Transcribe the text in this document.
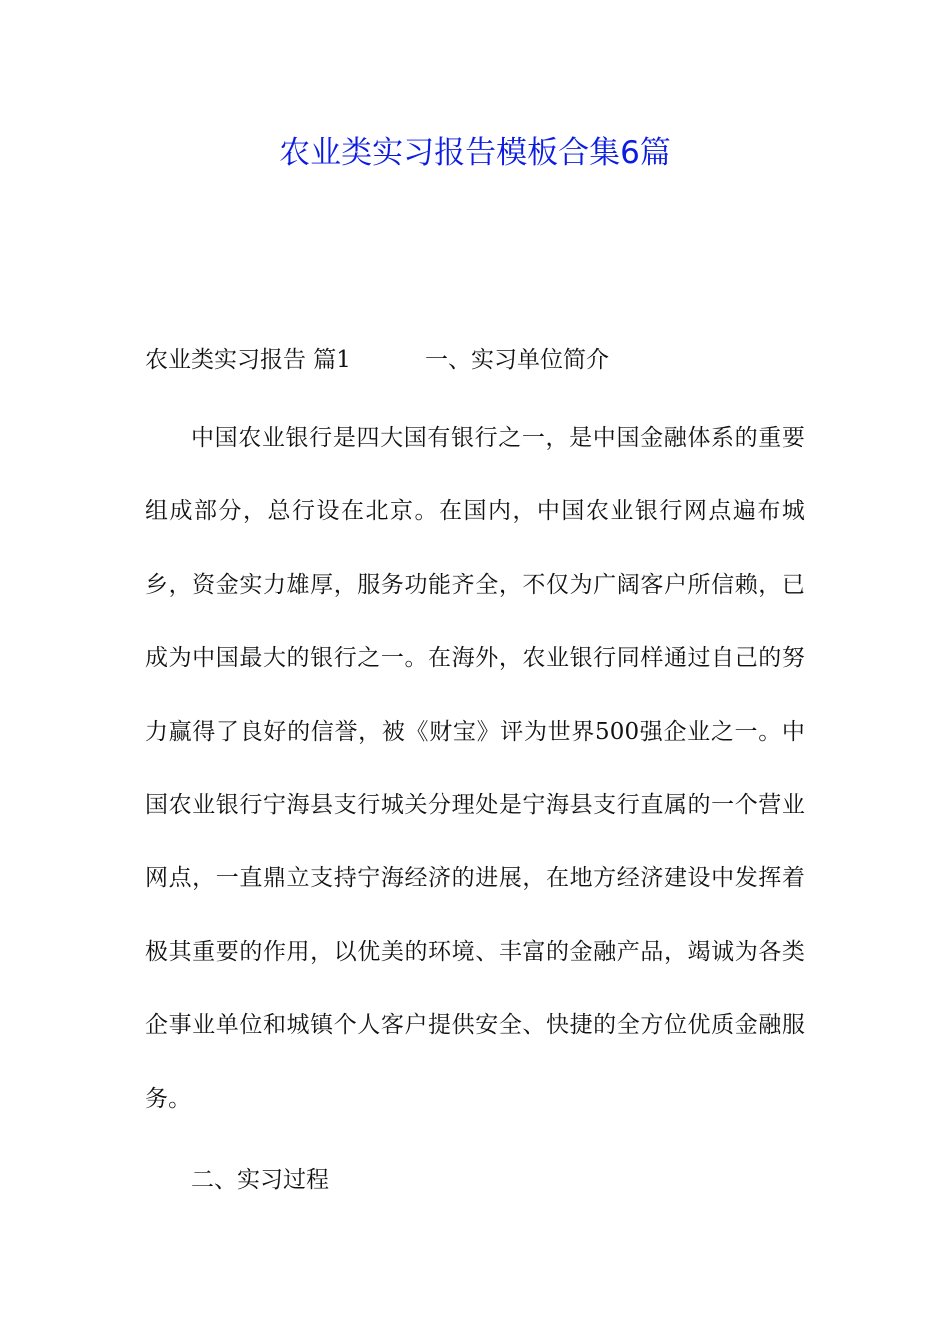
农业类实习报告模板合集6篇

农业类实习报告 篇1	一、实习单位简介

中国农业银行是四大国有银行之一，是中国金融体系的重要组成部分，总行设在北京。在国内，中国农业银行网点遍布城乡，资金实力雄厚，服务功能齐全，不仅为广阔客户所信赖，已成为中国最大的银行之一。在海外，农业银行同样通过自己的努力赢得了良好的信誉，被《财宝》评为世界500强企业之一。中国农业银行宁海县支行城关分理处是宁海县支行直属的一个营业网点，一直鼎立支持宁海经济的进展，在地方经济建设中发挥着极其重要的作用，以优美的环境、丰富的金融产品，竭诚为各类企事业单位和城镇个人客户提供安全、快捷的全方位优质金融服务。

二、实习过程
